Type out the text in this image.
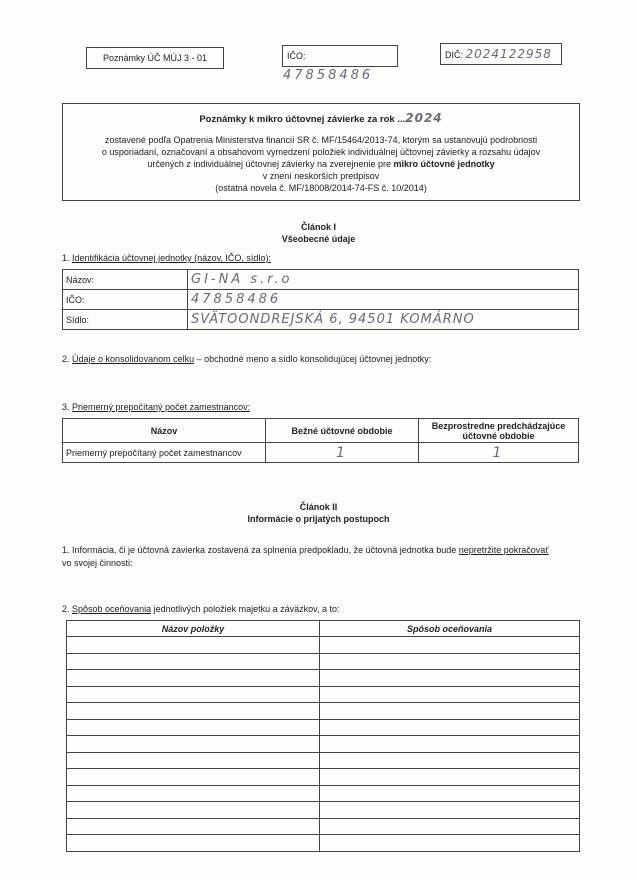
Poznámky ÚČ MÚJ 3 - 01	IČO: 47858486
DIČ: 2024122958
Poznámky k mikro účtovnej závierke za rok ...2024
zostavené podľa Opatrenia Ministerstva financií SR č. MF/15464/2013-74, ktorým sa ustanovujú podrobnosti
o usporiadaní, označovaní a obsahovom vymedzení položiek individuálnej účtovnej závierky a rozsahu údajov
určených z individuálnej účtovnej závierky na zverejnenie pre mikro účtovné jednotky
v znení neskorších predpisov
(ostatná novela č. MF/18008/2014-74-FS č. 10/2014)
Článok I
Všeobecné údaje
1. Identifikácia účtovnej jednotky (názov, IČO, sídlo):
Názov:	GI-NA s.r.o
IČO:	47858486
Sídlo:	SVÄTOONDREJSKÁ 6, 94501 KOMÁRNO
2. Údaje o konsolidovanom celku – obchodné meno a sídlo konsolidujúcej účtovnej jednotky:
3. Priemerný prepočítaný počet zamestnancov:
Názov	Bežné účtovné obdobie	Bezprostredne predchádzajúce účtovné obdobie
Priemerný prepočítaný počet zamestnancov	1	1
Článok II
Informácie o prijatých postupoch
1. Informácia, či je účtovná závierka zostavená za splnenia predpokladu, že účtovná jednotka bude nepretržite pokračovať
vo svojej činnosti:
2. Spôsob oceňovania jednotlivých položiek majetku a záväzkov, a to:
Názov položky	Spôsob oceňovania
